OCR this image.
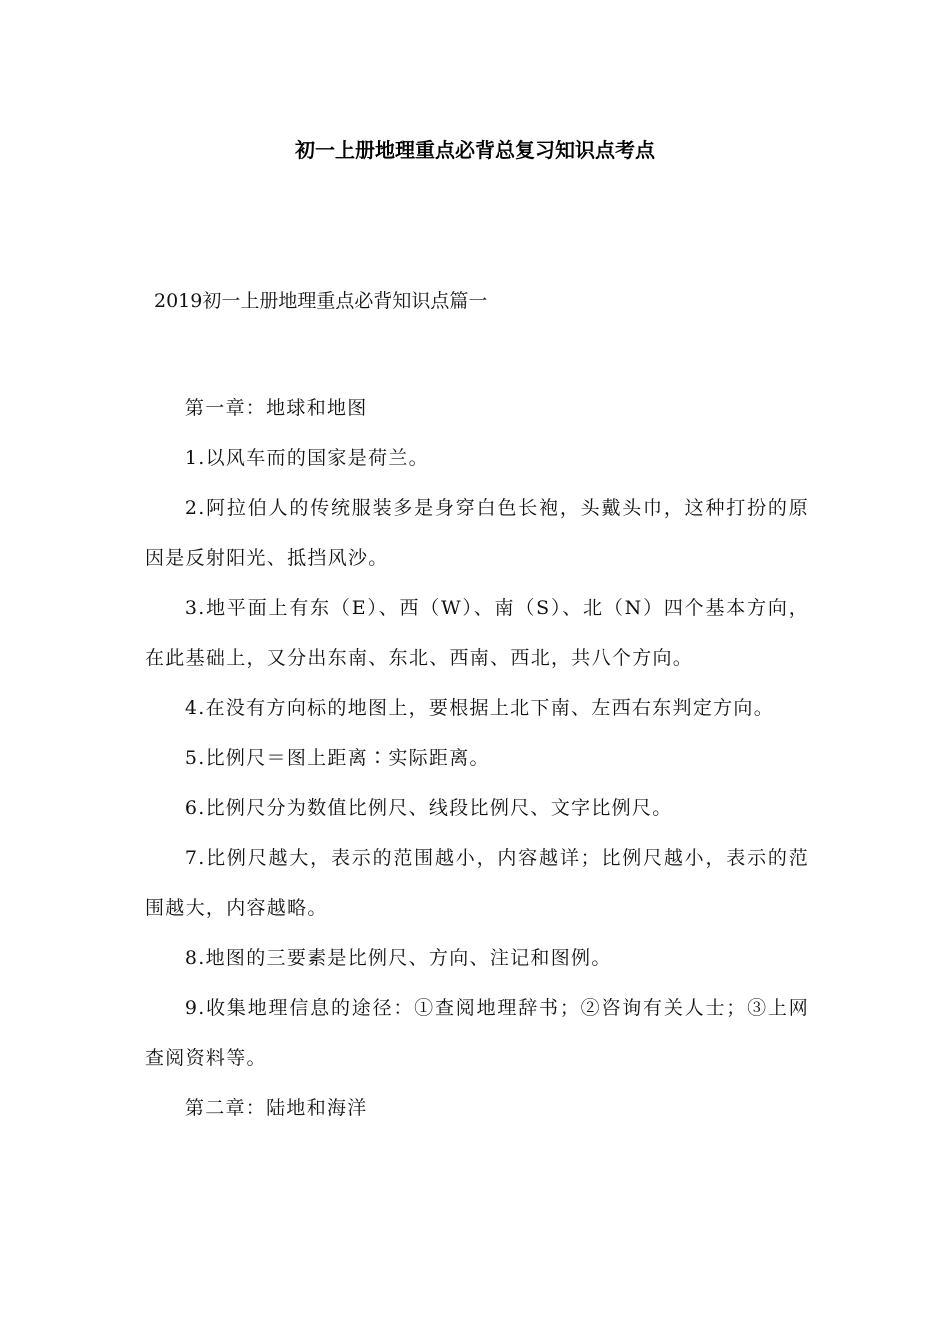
初一上册地理重点必背总复习知识点考点

2019初一上册地理重点必背知识点篇一

第一章：地球和地图

1.以风车而的国家是荷兰。

2.阿拉伯人的传统服装多是身穿白色长袍，头戴头巾，这种打扮的原因是反射阳光、抵挡风沙。

3.地平面上有东（E）、西（W）、南（S）、北（N）四个基本方向，在此基础上，又分出东南、东北、西南、西北，共八个方向。

4.在没有方向标的地图上，要根据上北下南、左西右东判定方向。

5.比例尺＝图上距离∶实际距离。

6.比例尺分为数值比例尺、线段比例尺、文字比例尺。

7.比例尺越大，表示的范围越小，内容越详；比例尺越小，表示的范围越大，内容越略。

8.地图的三要素是比例尺、方向、注记和图例。

9.收集地理信息的途径：①查阅地理辞书；②咨询有关人士；③上网查阅资料等。

第二章：陆地和海洋
